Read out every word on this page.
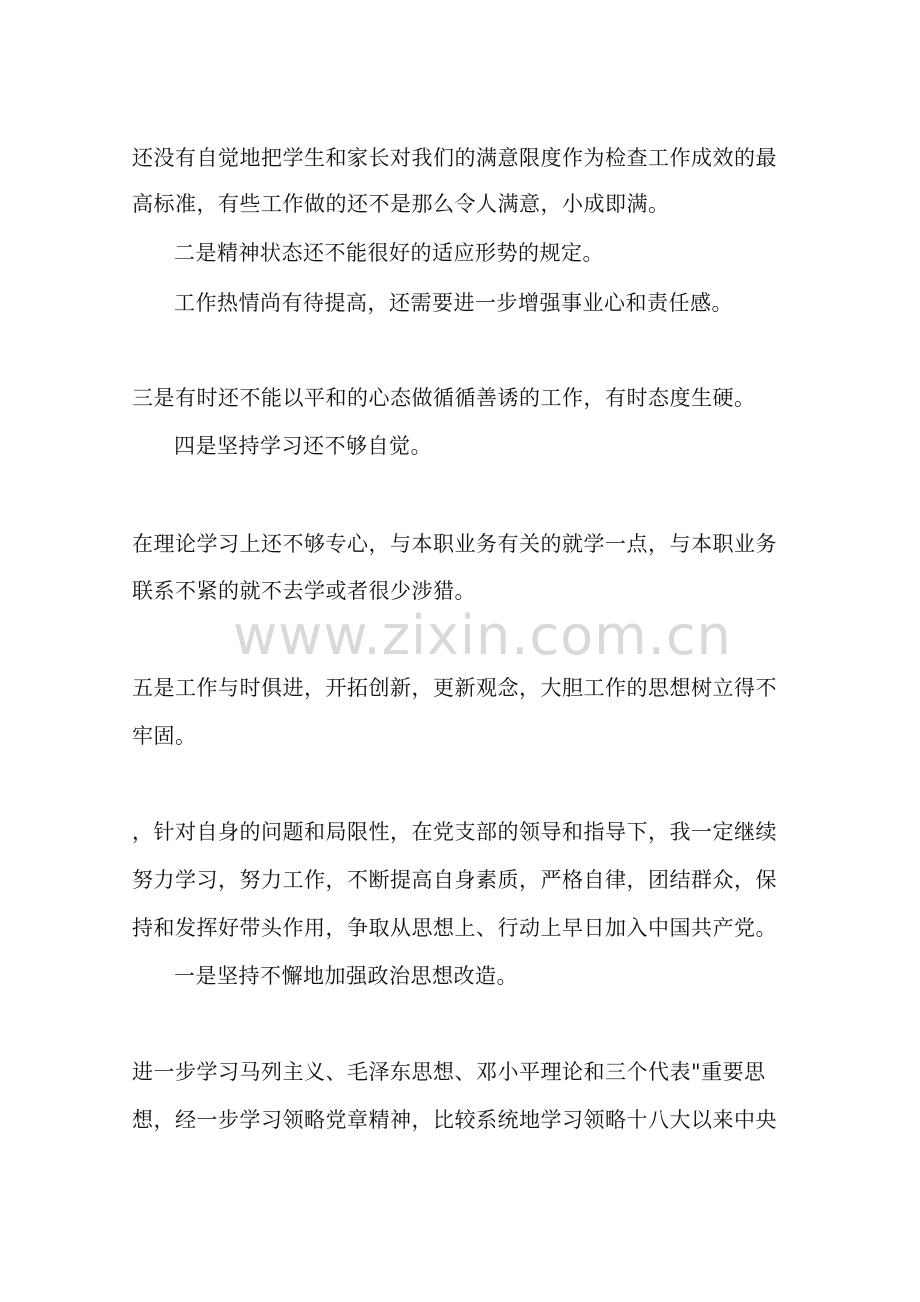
还没有自觉地把学生和家长对我们的满意限度作为检查工作成效的最
高标准，有些工作做的还不是那么令人满意，小成即满。
二是精神状态还不能很好的适应形势的规定。
工作热情尚有待提高，还需要进一步增强事业心和责任感。
三是有时还不能以平和的心态做循循善诱的工作，有时态度生硬。
四是坚持学习还不够自觉。
在理论学习上还不够专心，与本职业务有关的就学一点，与本职业务
联系不紧的就不去学或者很少涉猎。
五是工作与时俱进，开拓创新，更新观念，大胆工作的思想树立得不
牢固。
，针对自身的问题和局限性，在党支部的领导和指导下，我一定继续
努力学习，努力工作，不断提高自身素质，严格自律，团结群众，保
持和发挥好带头作用，争取从思想上、行动上早日加入中国共产党。
一是坚持不懈地加强政治思想改造。
进一步学习马列主义、毛泽东思想、邓小平理论和三个代表"重要思
想，经一步学习领略党章精神，比较系统地学习领略十八大以来中央
www.zixin.com.cn
